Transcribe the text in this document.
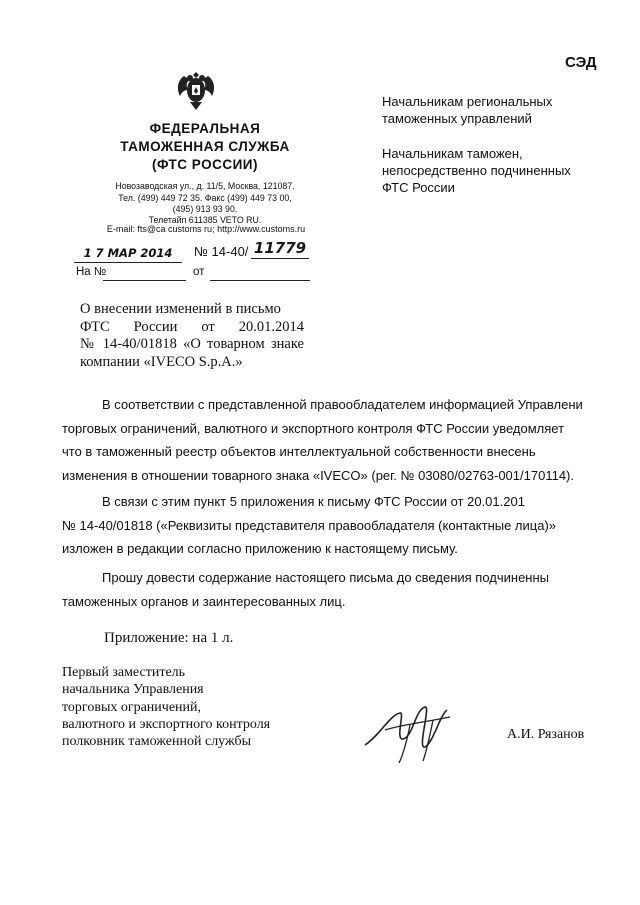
СЭД
ФЕДЕРАЛЬНАЯ
ТАМОЖЕННАЯ СЛУЖБА
(ФТС РОССИИ)
Новозаводская ул., д. 11/5, Москва, 121087.
Тел. (499) 449 72 35. Факс (499) 449 73 00,
(495) 913 93 90.
Телетайп 611385 VETO RU.
E-mail: fts@ca customs ru; http://www.customs.ru
1 7 МАР 2014	№ 14-40/ 11779
На №	от
Начальникам региональных
таможенных управлений
Начальникам таможен,
непосредственно подчиненных
ФТС России
О внесении изменений в письмо
ФТС России от 20.01.2014
№ 14-40/01818 «О товарном знаке
компании «IVECO S.p.A.»
В соответствии с представленной правообладателем информацией Управлени
торговых ограничений, валютного и экспортного контроля ФТС России уведомляет
что в таможенный реестр объектов интеллектуальной собственности внесень
изменения в отношении товарного знака «IVECO» (рег. № 03080/02763-001/170114).
В связи с этим пункт 5 приложения к письму ФТС России от 20.01.201
№ 14-40/01818 («Реквизиты представителя правообладателя (контактные лица)»
изложен в редакции согласно приложению к настоящему письму.
Прошу довести содержание настоящего письма до сведения подчиненны
таможенных органов и заинтересованных лиц.
Приложение: на 1 л.
Первый заместитель
начальника Управления
торговых ограничений,
валютного и экспортного контроля
полковник таможенной службы	А.И. Рязанов
